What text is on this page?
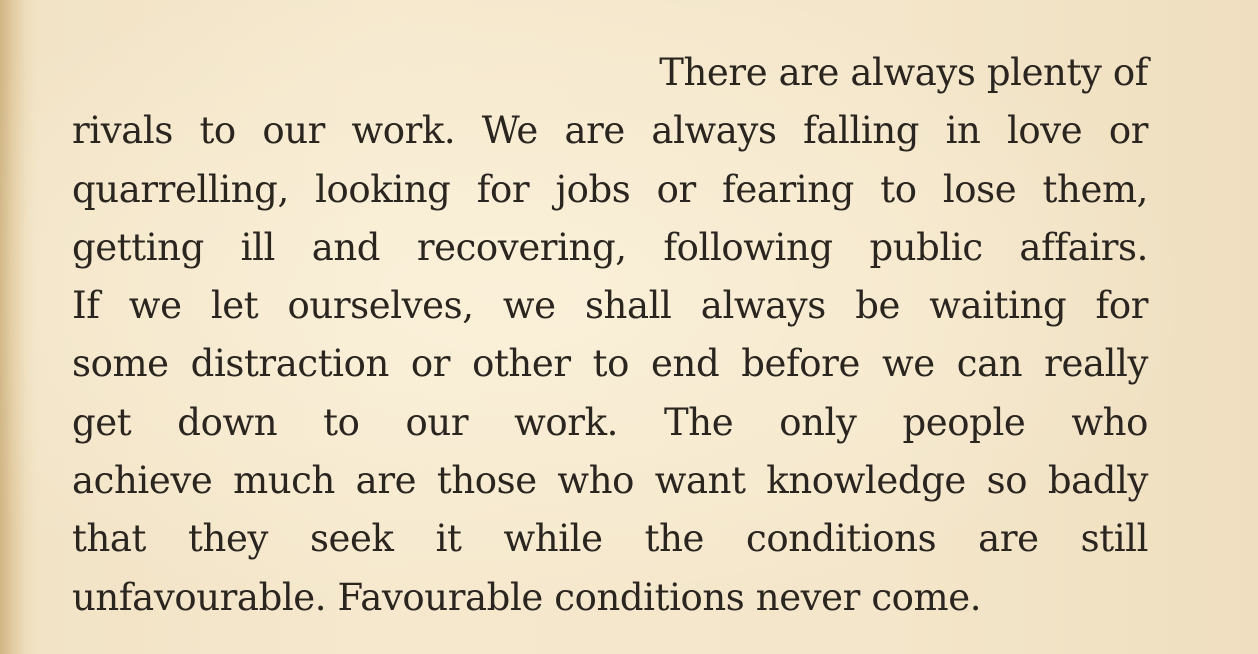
There are always plenty of
rivals to our work. We are always falling in love or
quarrelling, looking for jobs or fearing to lose them,
getting ill and recovering, following public affairs.
If we let ourselves, we shall always be waiting for
some distraction or other to end before we can really
get down to our work. The only people who
achieve much are those who want knowledge so badly
that they seek it while the conditions are still
unfavourable. Favourable conditions never come.
